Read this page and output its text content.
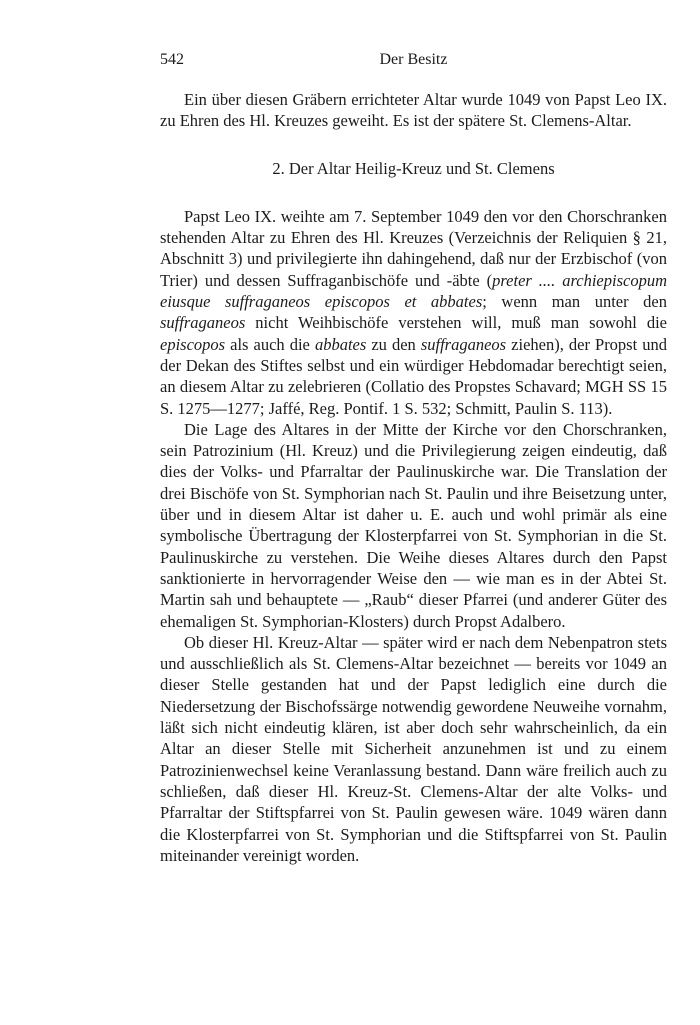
542	Der Besitz

Ein über diesen Gräbern errichteter Altar wurde 1049 von Papst Leo IX. zu Ehren des Hl. Kreuzes geweiht. Es ist der spätere St. Clemens-Altar.

2. Der Altar Heilig-Kreuz und St. Clemens

Papst Leo IX. weihte am 7. September 1049 den vor den Chorschranken stehenden Altar zu Ehren des Hl. Kreuzes (Verzeichnis der Reliquien § 21, Abschnitt 3) und privilegierte ihn dahingehend, daß nur der Erzbischof (von Trier) und dessen Suffraganbischöfe und -äbte (preter .... archiepiscopum eiusque suffraganeos episcopos et abbates; wenn man unter den suffraganeos nicht Weihbischöfe verstehen will, muß man sowohl die episcopos als auch die abbates zu den suffraganeos ziehen), der Propst und der Dekan des Stiftes selbst und ein würdiger Hebdomadar berechtigt seien, an diesem Altar zu zelebrieren (Collatio des Propstes Schavard; MGH SS 15 S. 1275—1277; Jaffé, Reg. Pontif. 1 S. 532; Schmitt, Paulin S. 113).

Die Lage des Altares in der Mitte der Kirche vor den Chorschranken, sein Patrozinium (Hl. Kreuz) und die Privilegierung zeigen eindeutig, daß dies der Volks- und Pfarraltar der Paulinuskirche war. Die Translation der drei Bischöfe von St. Symphorian nach St. Paulin und ihre Beisetzung unter, über und in diesem Altar ist daher u. E. auch und wohl primär als eine symbolische Übertragung der Klosterpfarrei von St. Symphorian in die St. Paulinuskirche zu verstehen. Die Weihe dieses Altares durch den Papst sanktionierte in hervorragender Weise den — wie man es in der Abtei St. Martin sah und behauptete — „Raub“ dieser Pfarrei (und anderer Güter des ehemaligen St. Symphorian-Klosters) durch Propst Adalbero.

Ob dieser Hl. Kreuz-Altar — später wird er nach dem Nebenpatron stets und ausschließlich als St. Clemens-Altar bezeichnet — bereits vor 1049 an dieser Stelle gestanden hat und der Papst lediglich eine durch die Niedersetzung der Bischofssärge notwendig gewordene Neuweihe vornahm, läßt sich nicht eindeutig klären, ist aber doch sehr wahrscheinlich, da ein Altar an dieser Stelle mit Sicherheit anzunehmen ist und zu einem Patrozinienwechsel keine Veranlassung bestand. Dann wäre freilich auch zu schließen, daß dieser Hl. Kreuz-St. Clemens-Altar der alte Volks- und Pfarraltar der Stiftspfarrei von St. Paulin gewesen wäre. 1049 wären dann die Klosterpfarrei von St. Symphorian und die Stiftspfarrei von St. Paulin miteinander vereinigt worden.
